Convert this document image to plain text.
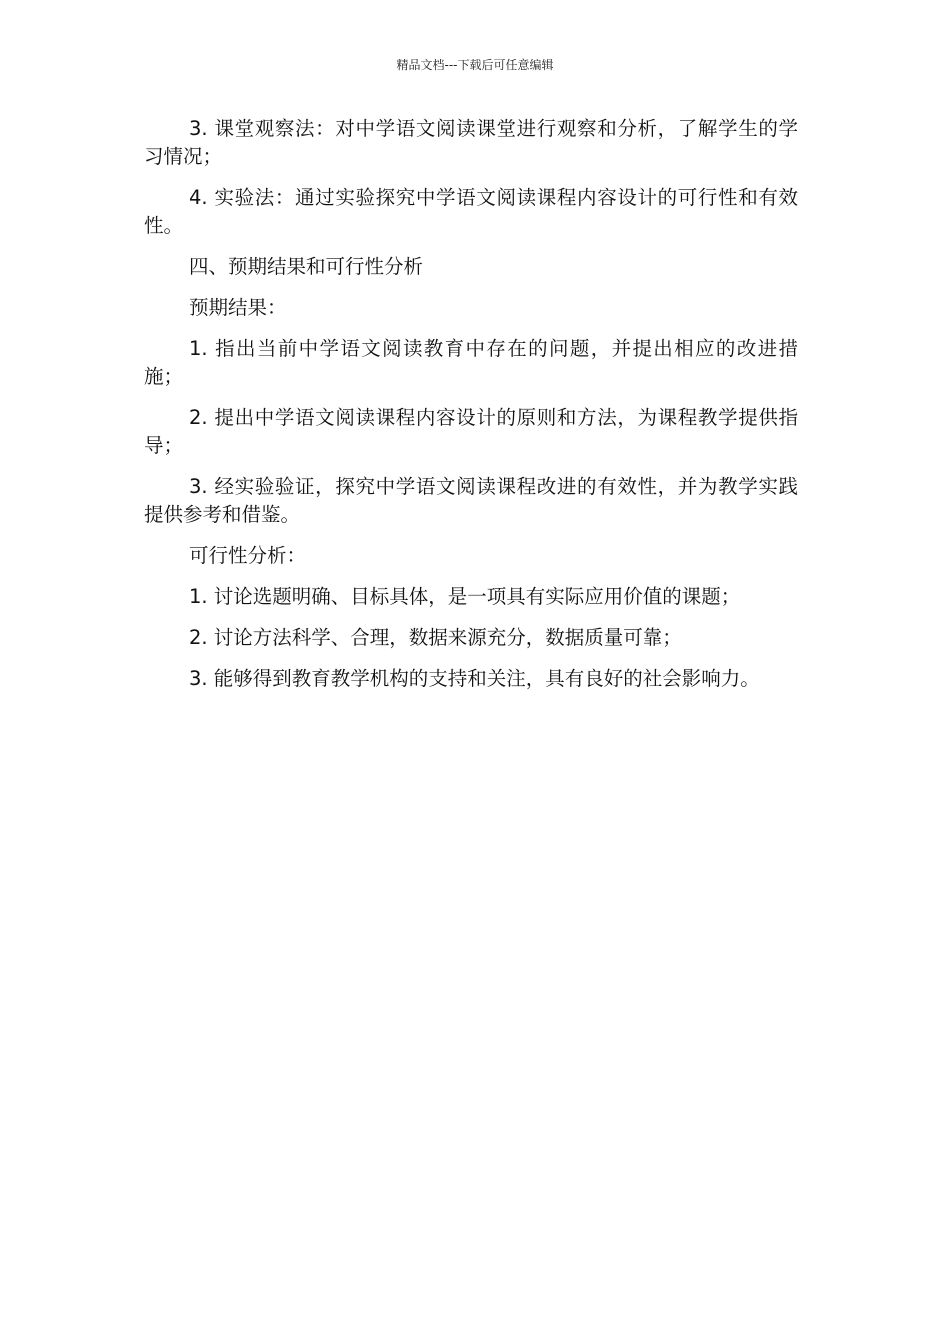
精品文档---下载后可任意编辑

3. 课堂观察法：对中学语文阅读课堂进行观察和分析，了解学生的学习情况；

4. 实验法：通过实验探究中学语文阅读课程内容设计的可行性和有效性。

四、预期结果和可行性分析

预期结果：

1. 指出当前中学语文阅读教育中存在的问题，并提出相应的改进措施；

2. 提出中学语文阅读课程内容设计的原则和方法，为课程教学提供指导；

3. 经实验验证，探究中学语文阅读课程改进的有效性，并为教学实践提供参考和借鉴。

可行性分析：

1. 讨论选题明确、目标具体，是一项具有实际应用价值的课题；

2. 讨论方法科学、合理，数据来源充分，数据质量可靠；

3. 能够得到教育教学机构的支持和关注，具有良好的社会影响力。
